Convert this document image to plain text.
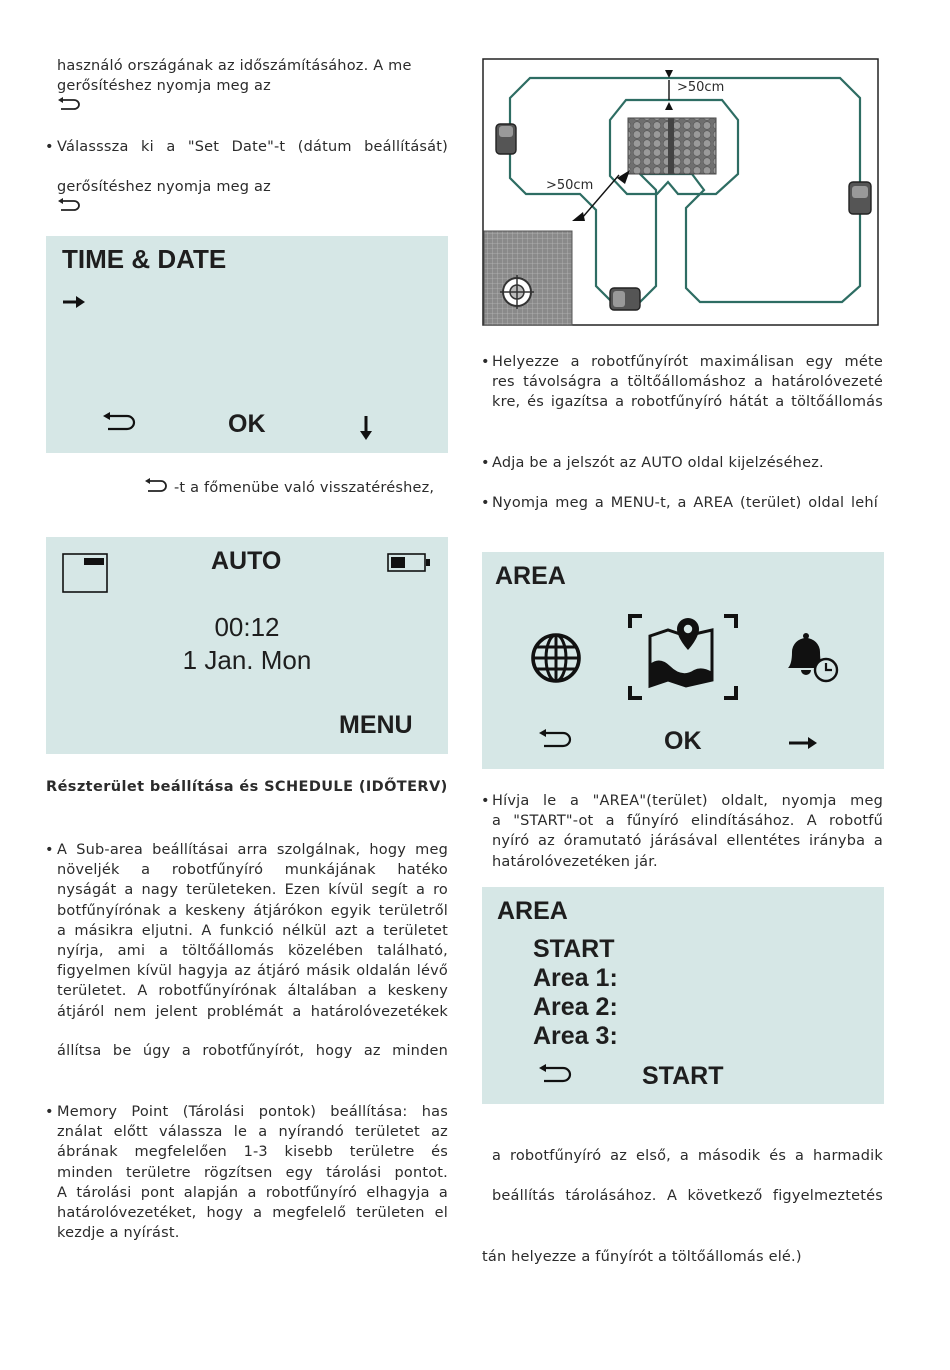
használó országának az időszámításához. A me

gerősítéshez nyomja meg az

• Válasssza ki a "Set Date"-t (dátum beállítását)
gerősítéshez nyomja meg az
TIME & DATE
OK
-t a főmenübe való visszatéréshez,
AUTO
00:12
1 Jan. Mon
MENU
Részterület beállítása és SCHEDULE (IDŐTERV)
• A Sub-area beállításai arra szolgálnak, hogy meg

növeljék a robotfűnyíró munkájának hatéko

nyságát a nagy területeken. Ezen kívül segít a ro

botfűnyírónak a keskeny átjárókon egyik területről

a másikra eljutni. A funkció nélkül azt a területet

nyírja, ami a töltőállomás közelében található,

figyelmen kívül hagyja az átjáró másik oldalán lévő

területet. A robotfűnyírónak általában a keskeny

átjáról nem jelent problémát a határolóvezetékek

állítsa be úgy a robotfűnyírót, hogy az minden
• Memory Point (Tárolási pontok) beállítása: has

ználat előtt válassza le a nyírandó területet az

ábrának megfelelően 1-3 kisebb területre és

minden területre rögzítsen egy tárolási pontot.

A tárolási pont alapján a robotfűnyíró elhagyja a

határolóvezetéket, hogy a megfelelő területen el

kezdje a nyírást.

>50cm
>50cm
• Helyezze a robotfűnyírót maximálisan egy méte

res távolságra a töltőállomáshoz a határolóvezeté

kre, és igazítsa a robotfűnyíró hátát a töltőállomás

• Adja be a jelszót az AUTO oldal kijelzéséhez.
• Nyomja meg a MENU-t, a AREA (terület) oldal lehí
AREA
OK
• Hívja le a "AREA"(terület) oldalt, nyomja meg

a "START"-ot a fűnyíró elindításához. A robotfű

nyíró az óramutató járásával ellentétes irányba a

határolóvezetéken jár.

AREA
START
Area 1:
Area 2:
Area 3:
START
a robotfűnyíró az első, a második és a harmadik
beállítás tárolásához. A következő figyelmeztetés
tán helyezze a fűnyírót a töltőállomás elé.)
